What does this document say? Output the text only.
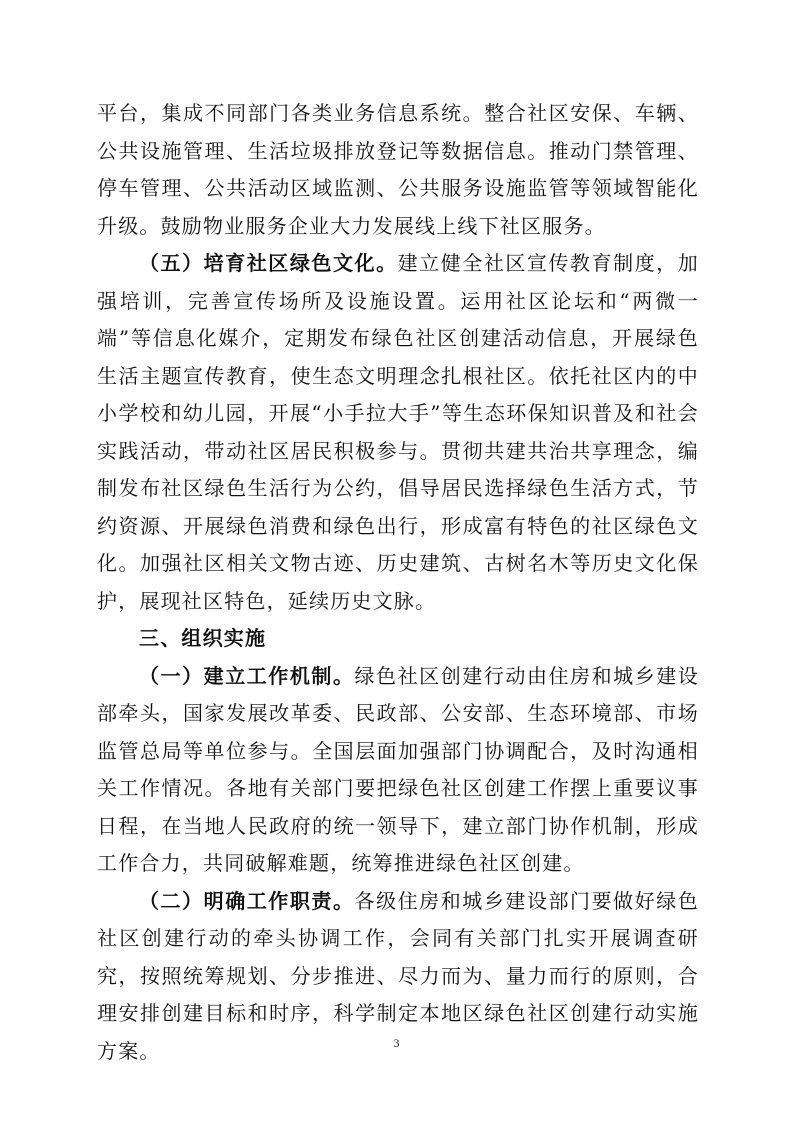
平台，集成不同部门各类业务信息系统。整合社区安保、车辆、公共设施管理、生活垃圾排放登记等数据信息。推动门禁管理、停车管理、公共活动区域监测、公共服务设施监管等领域智能化升级。鼓励物业服务企业大力发展线上线下社区服务。

（五）培育社区绿色文化。建立健全社区宣传教育制度，加强培训，完善宣传场所及设施设置。运用社区论坛和“两微一端”等信息化媒介，定期发布绿色社区创建活动信息，开展绿色生活主题宣传教育，使生态文明理念扎根社区。依托社区内的中小学校和幼儿园，开展“小手拉大手”等生态环保知识普及和社会实践活动，带动社区居民积极参与。贯彻共建共治共享理念，编制发布社区绿色生活行为公约，倡导居民选择绿色生活方式，节约资源、开展绿色消费和绿色出行，形成富有特色的社区绿色文化。加强社区相关文物古迹、历史建筑、古树名木等历史文化保护，展现社区特色，延续历史文脉。

三、组织实施

（一）建立工作机制。绿色社区创建行动由住房和城乡建设部牵头，国家发展改革委、民政部、公安部、生态环境部、市场监管总局等单位参与。全国层面加强部门协调配合，及时沟通相关工作情况。各地有关部门要把绿色社区创建工作摆上重要议事日程，在当地人民政府的统一领导下，建立部门协作机制，形成工作合力，共同破解难题，统筹推进绿色社区创建。

（二）明确工作职责。各级住房和城乡建设部门要做好绿色社区创建行动的牵头协调工作，会同有关部门扎实开展调查研究，按照统筹规划、分步推进、尽力而为、量力而行的原则，合理安排创建目标和时序，科学制定本地区绿色社区创建行动实施方案。	3
